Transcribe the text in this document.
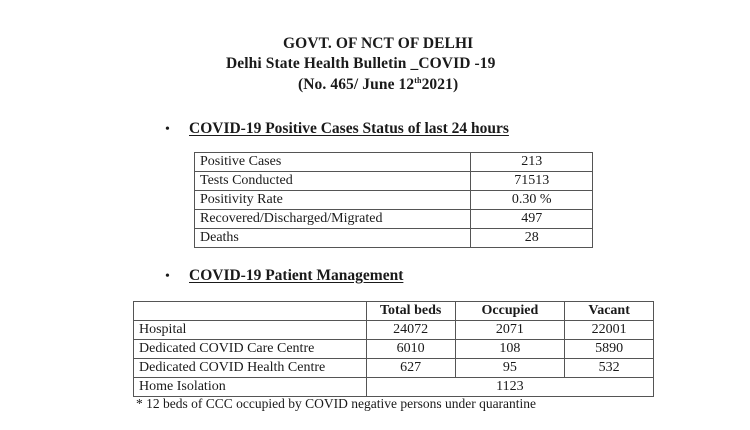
GOVT. OF NCT OF DELHI
Delhi State Health Bulletin _COVID -19
(No. 465/ June 12th2021)
• COVID-19 Positive Cases Status of last 24 hours
Positive Cases	213
Tests Conducted	71513
Positivity Rate	0.30 %
Recovered/Discharged/Migrated	497
Deaths	28
• COVID-19 Patient Management
	Total beds	Occupied	Vacant
Hospital	24072	2071	22001
Dedicated COVID Care Centre	6010	108	5890
Dedicated COVID Health Centre	627	95	532
Home Isolation	1123		
* 12 beds of CCC occupied by COVID negative persons under quarantine
